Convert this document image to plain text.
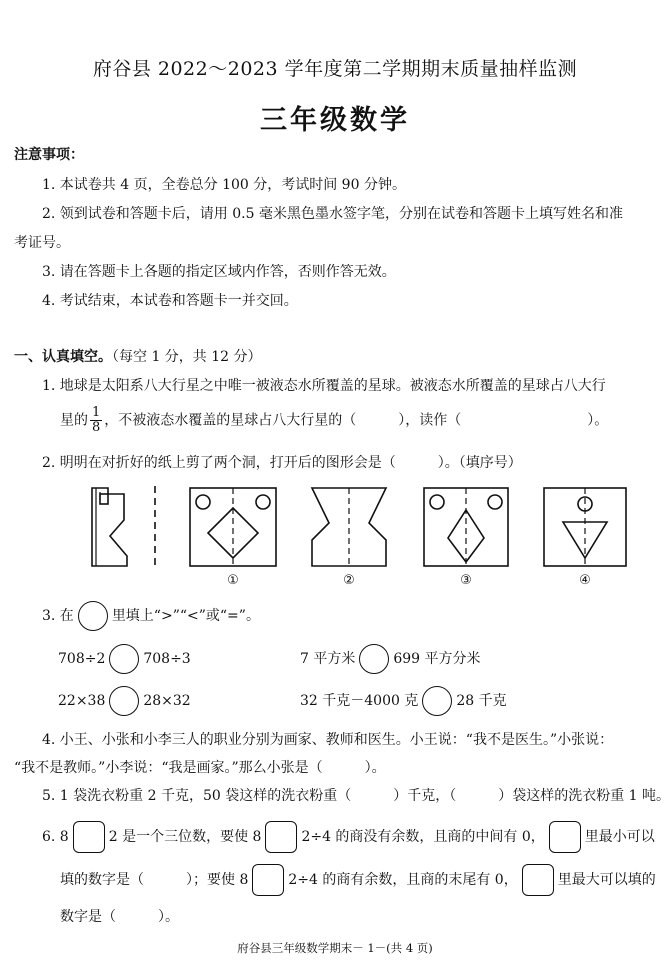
府谷县 2022～2023 学年度第二学期期末质量抽样监测
三年级数学
注意事项：
1. 本试卷共 4 页，全卷总分 100 分，考试时间 90 分钟。
2. 领到试卷和答题卡后，请用 0.5 毫米黑色墨水签字笔，分别在试卷和答题卡上填写姓名和准
考证号。
3. 请在答题卡上各题的指定区域内作答，否则作答无效。
4. 考试结束，本试卷和答题卡一并交回。
一、认真填空。（每空 1 分，共 12 分）
1. 地球是太阳系八大行星之中唯一被液态水所覆盖的星球。被液态水所覆盖的星球占八大行
星的 $\frac{1}{8}$ ，不被液态水覆盖的星球占八大行星的（　　　），读作（　　　　　　　　　）。
2. 明明在对折好的纸上剪了两个洞，打开后的图形会是（　　　）。（填序号）
①	②	③	④
3. 在	里填上“>”“<”或“=”。
708÷2	708÷3	7 平方米	699 平方分米
22×38	28×32	32 千克－4000 克	28 千克
4. 小王、小张和小李三人的职业分别为画家、教师和医生。小王说：“我不是医生。”小张说：
“我不是教师。”小李说：“我是画家。”那么小张是（　　　）。
5. 1 袋洗衣粉重 2 千克，50 袋这样的洗衣粉重（　　　）千克，（　　　）袋这样的洗衣粉重 1 吨。
6. 8	2 是一个三位数，要使 8	2÷4 的商没有余数，且商的中间有 0，	里最小可以
填的数字是（　　　）；要使 8	2÷4 的商有余数，且商的末尾有 0，	里最大可以填的
数字是（　　　）。
府谷县三年级数学期末－ 1－(共 4 页)
